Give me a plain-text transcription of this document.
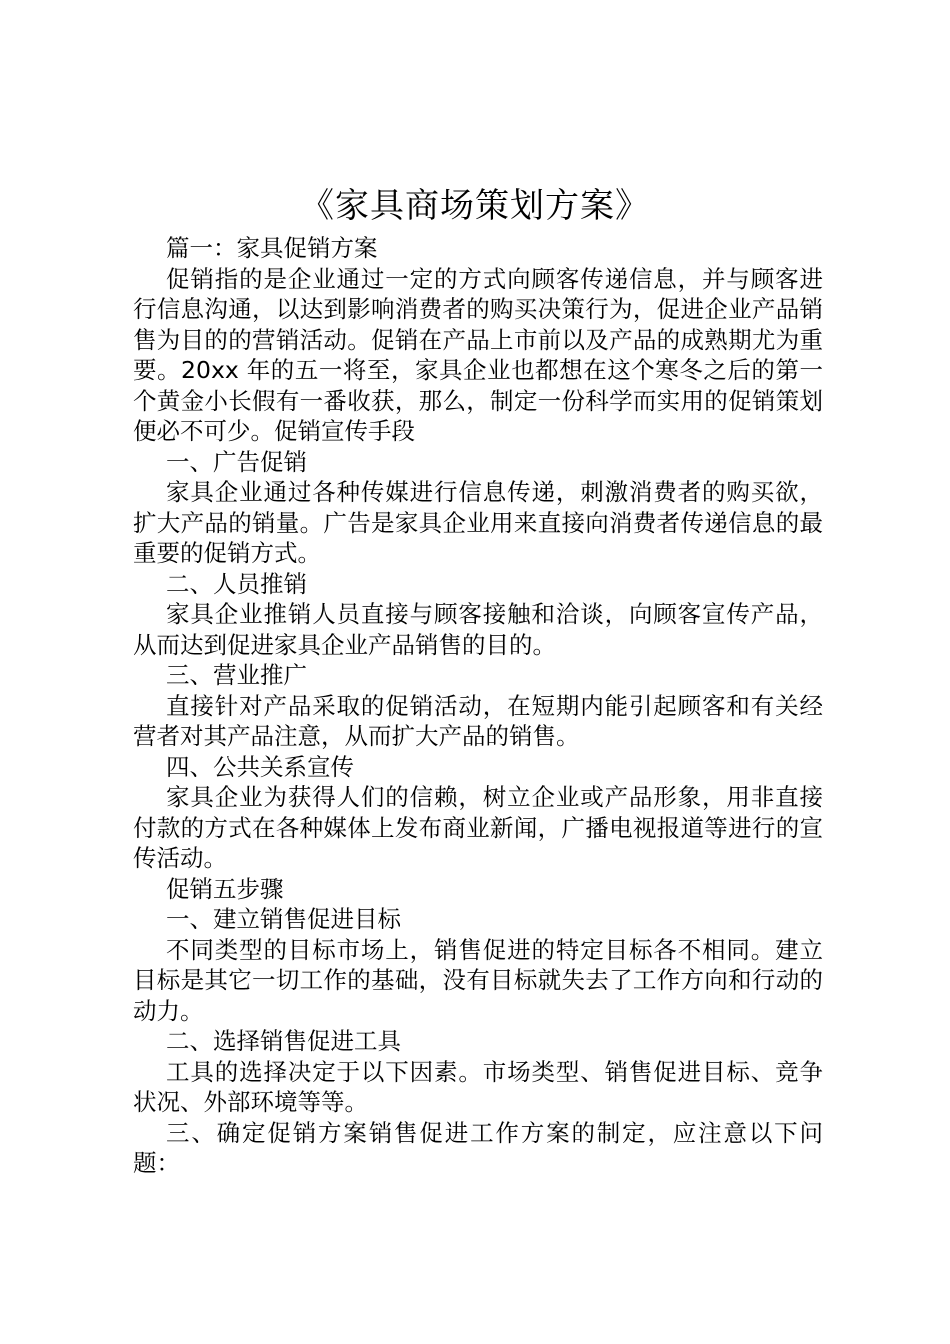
《家具商场策划方案》

篇一：家具促销方案

促销指的是企业通过一定的方式向顾客传递信息，并与顾客进行信息沟通，以达到影响消费者的购买决策行为，促进企业产品销售为目的的营销活动。促销在产品上市前以及产品的成熟期尤为重要。20xx 年的五一将至，家具企业也都想在这个寒冬之后的第一个黄金小长假有一番收获，那么，制定一份科学而实用的促销策划便必不可少。促销宣传手段

一、广告促销

家具企业通过各种传媒进行信息传递，刺激消费者的购买欲，扩大产品的销量。广告是家具企业用来直接向消费者传递信息的最重要的促销方式。

二、人员推销

家具企业推销人员直接与顾客接触和洽谈，向顾客宣传产品，从而达到促进家具企业产品销售的目的。

三、营业推广

直接针对产品采取的促销活动，在短期内能引起顾客和有关经营者对其产品注意，从而扩大产品的销售。

四、公共关系宣传

家具企业为获得人们的信赖，树立企业或产品形象，用非直接付款的方式在各种媒体上发布商业新闻，广播电视报道等进行的宣传活动。

促销五步骤

一、建立销售促进目标

不同类型的目标市场上，销售促进的特定目标各不相同。建立目标是其它一切工作的基础，没有目标就失去了工作方向和行动的动力。

二、选择销售促进工具

工具的选择决定于以下因素。市场类型、销售促进目标、竞争状况、外部环境等等。

三、确定促销方案销售促进工作方案的制定，应注意以下问题：
